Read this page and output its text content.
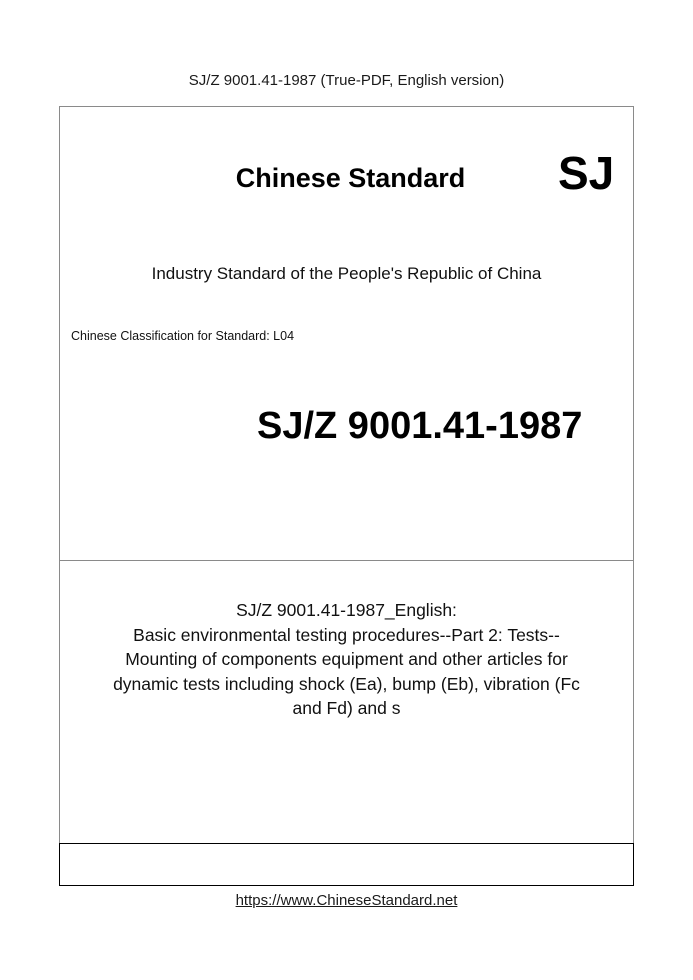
SJ/Z 9001.41-1987 (True-PDF, English version)
Chinese Standard	SJ
Industry Standard of the People's Republic of China
Chinese Classification for Standard: L04
SJ/Z 9001.41-1987
SJ/Z 9001.41-1987_English:
Basic environmental testing procedures--Part 2: Tests--
Mounting of components equipment and other articles for
dynamic tests including shock (Ea), bump (Eb), vibration (Fc
and Fd) and s
https://www.ChineseStandard.net
